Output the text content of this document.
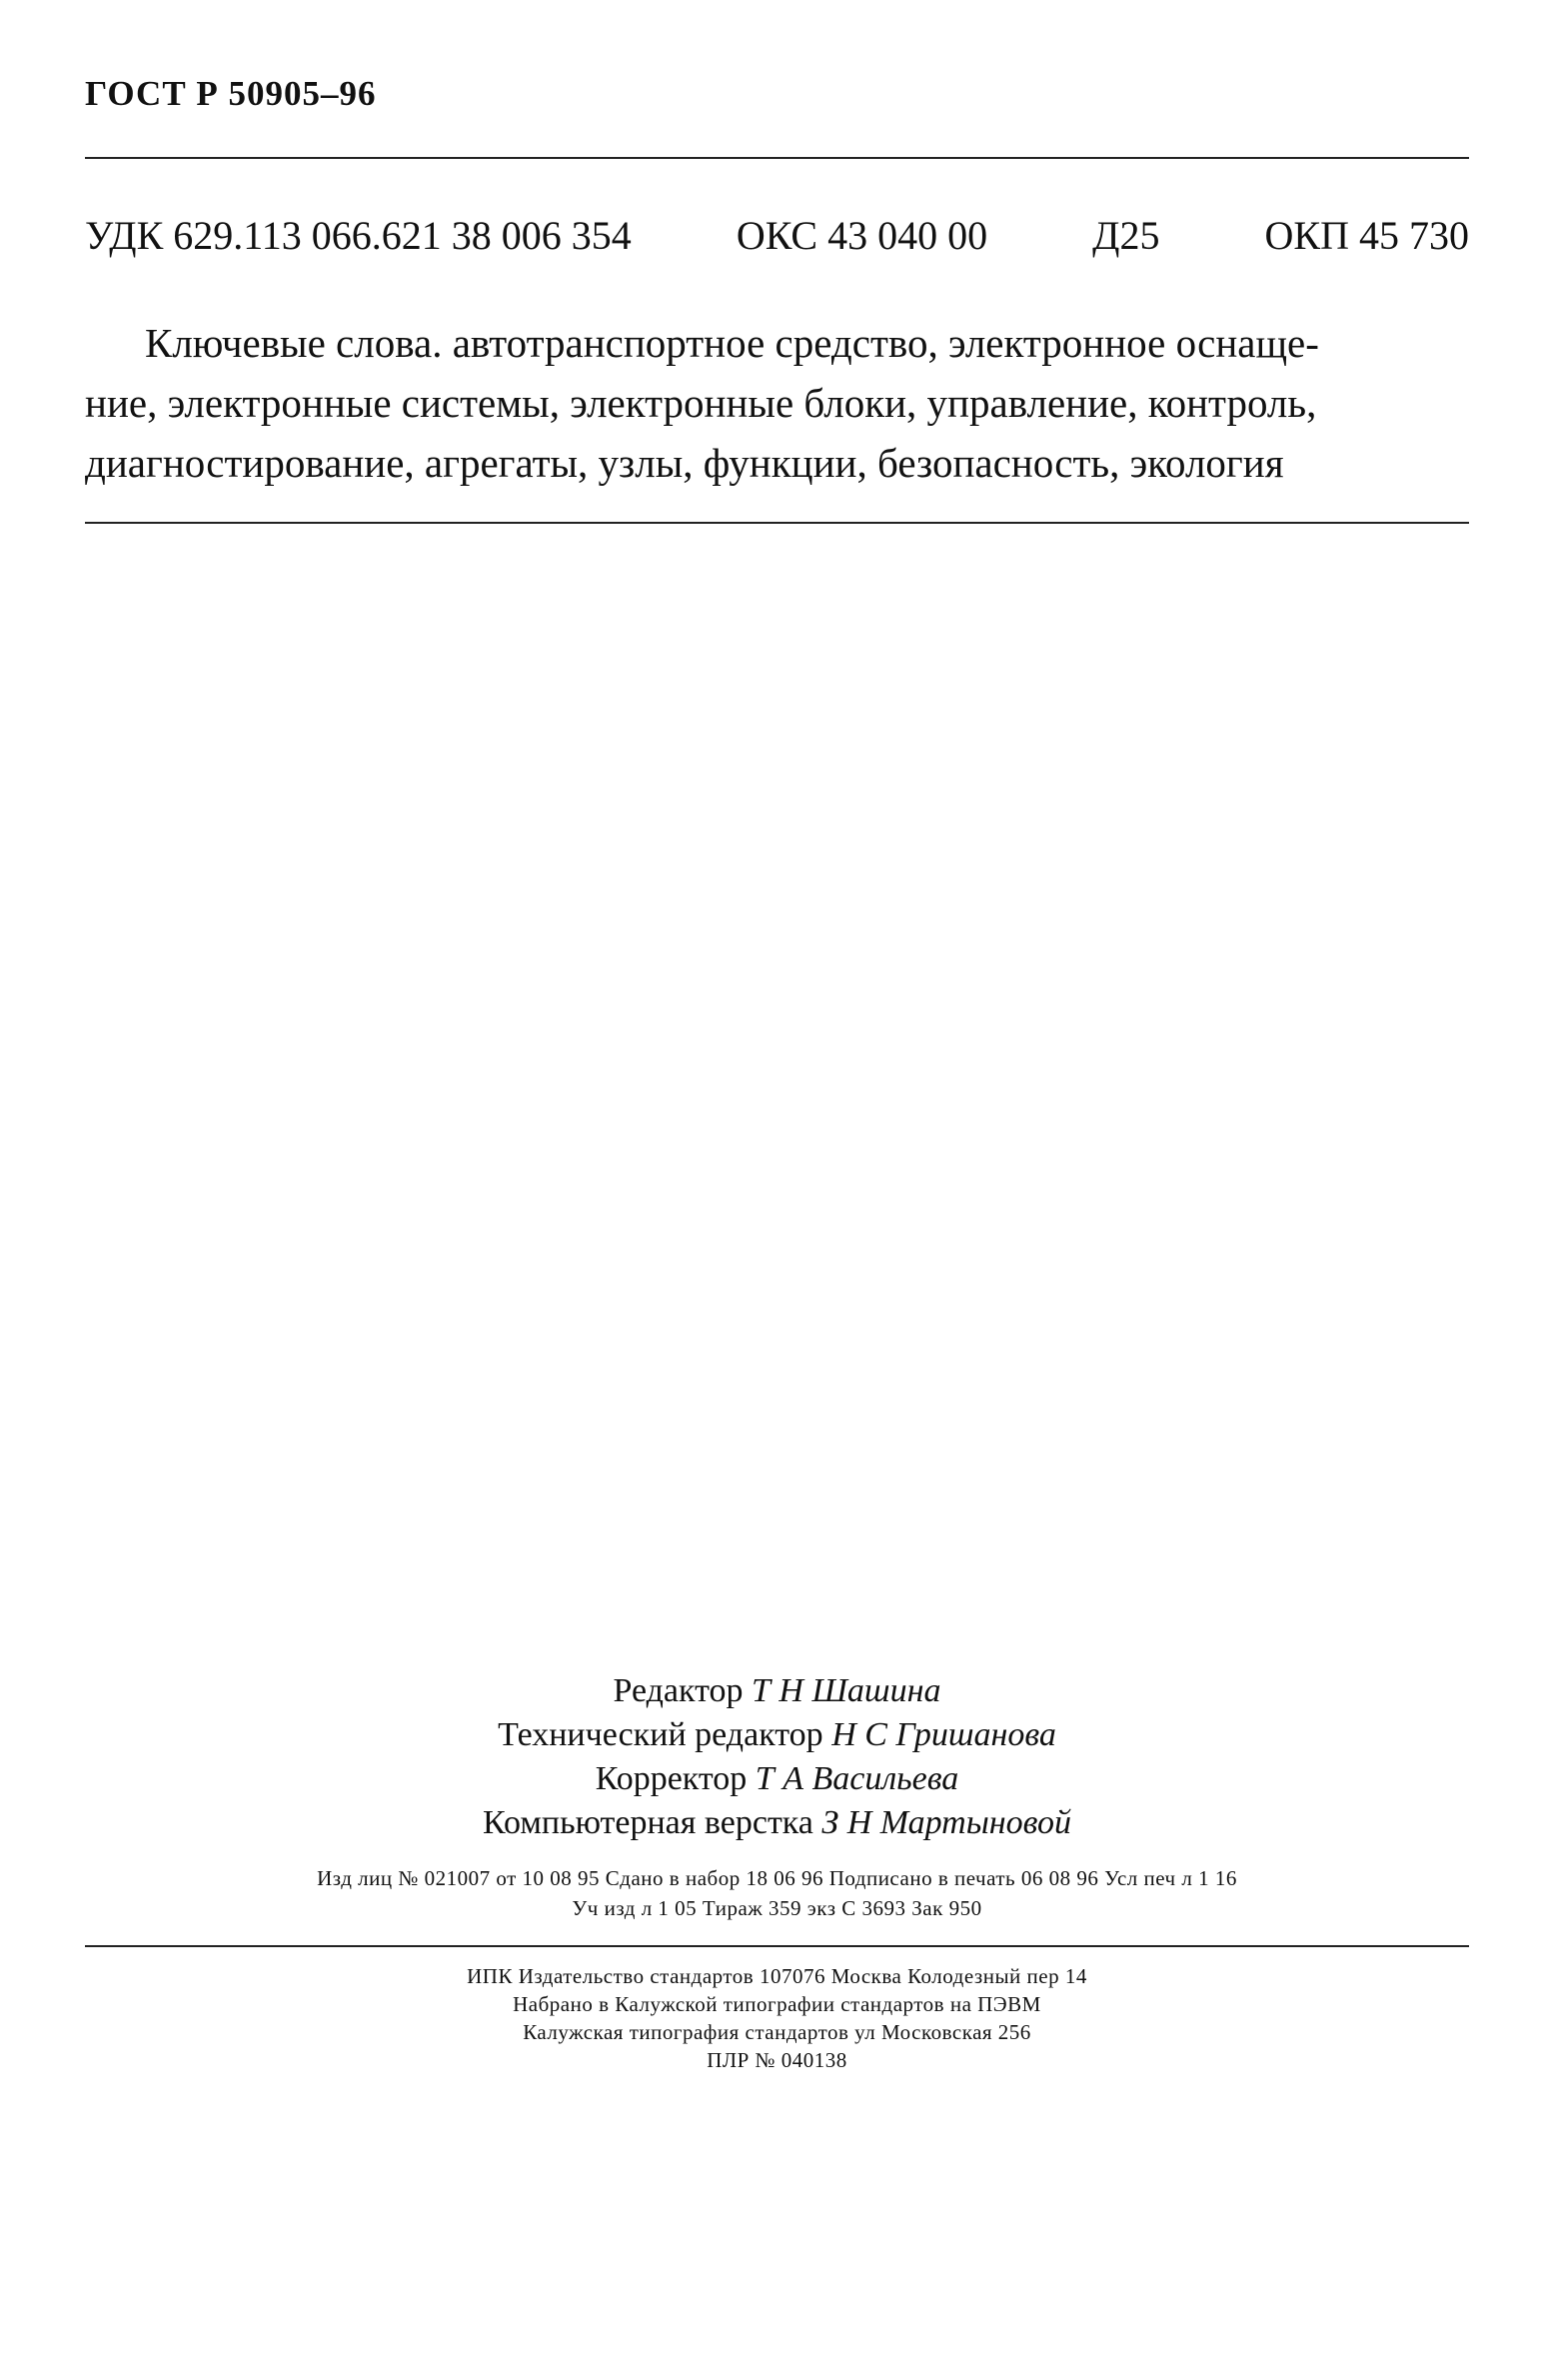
ГОСТ Р 50905–96
УДК 629.113 066.621 38 006 354	ОКС 43 040 00	Д25	ОКП 45 730
Ключевые слова. автотранспортное средство, электронное оснаще-
ние, электронные системы, электронные блоки, управление, контроль,
диагностирование, агрегаты, узлы, функции, безопасность, экология
Редактор Т Н Шашина
Технический редактор Н С Гришанова
Корректор Т А Васильева
Компьютерная верстка З Н Мартыновой
Изд лиц № 021007 от 10 08 95 Сдано в набор 18 06 96 Подписано в печать 06 08 96 Усл печ л 1 16
Уч изд л 1 05 Тираж 359 экз С 3693 Зак 950
ИПК Издательство стандартов 107076 Москва Колодезный пер 14
Набрано в Калужской типографии стандартов на ПЭВМ
Калужская типография стандартов ул Московская 256
ПЛР № 040138
